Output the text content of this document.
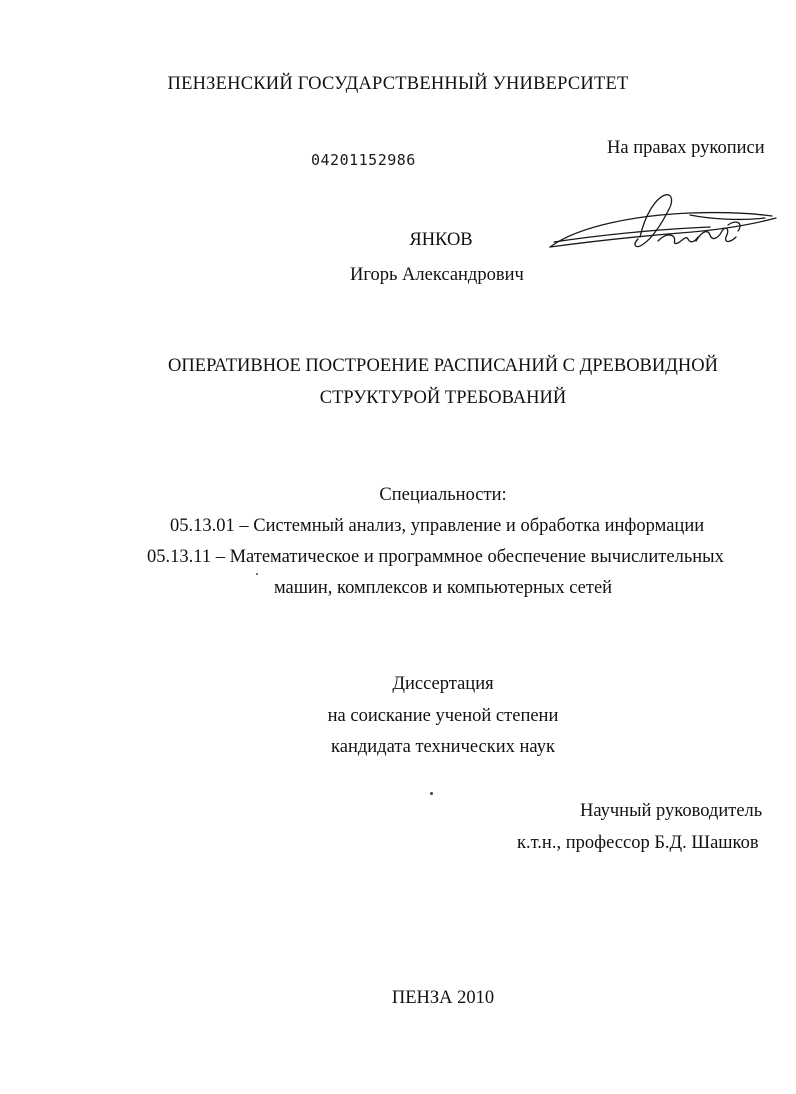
ПЕНЗЕНСКИЙ ГОСУДАРСТВЕННЫЙ УНИВЕРСИТЕТ
04201152986
На правах рукописи
ЯНКОВ
Игорь Александрович
ОПЕРАТИВНОЕ ПОСТРОЕНИЕ РАСПИСАНИЙ С ДРЕВОВИДНОЙ
СТРУКТУРОЙ ТРЕБОВАНИЙ
Специальности:
05.13.01 – Системный анализ, управление и обработка информации
05.13.11 – Математическое и программное обеспечение вычислительных
машин, комплексов и компьютерных сетей
Диссертация
на соискание ученой степени
кандидата технических наук
Научный руководитель
к.т.н., профессор Б.Д. Шашков
ПЕНЗА 2010
